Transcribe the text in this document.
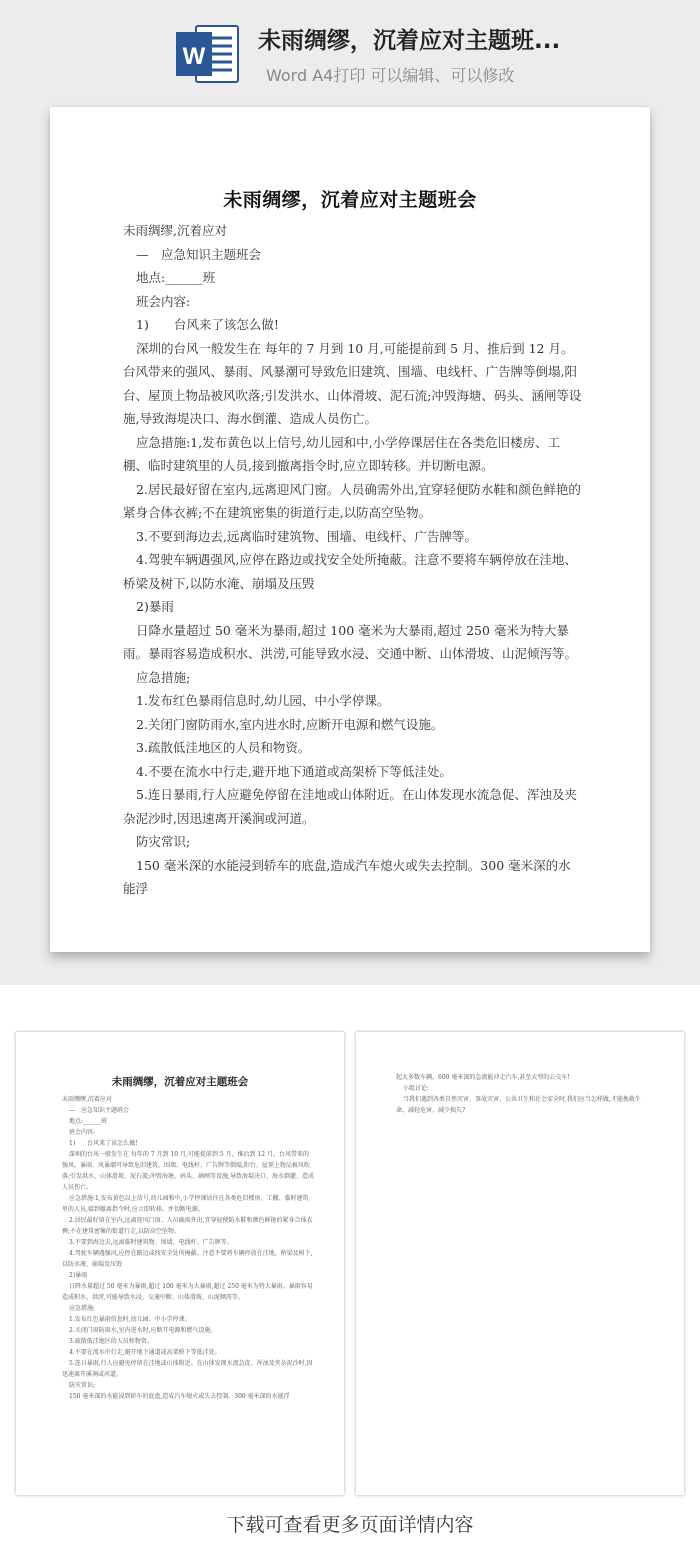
W
未雨绸缪，沉着应对主题班...
Word A4打印 可以编辑、可以修改
未雨绸缪，沉着应对主题班会

未雨绸缪,沉着应对

—　应急知识主题班会

地点:______班

班会内容:

1)　　台风来了该怎么做!

深圳的台风一般发生在 每年的 7 月到 10 月,可能提前到 5 月、推后到 12 月。台风带来的强风、暴雨、风暴潮可导致危旧建筑、围墙、电线杆、广告牌等倒塌,阳台、屋顶上物品被风吹落;引发洪水、山体滑坡、泥石流;冲毁海塘、码头、涵闸等设施,导致海堤决口、海水倒灌、造成人员伤亡。

应急措施:1,发布黄色以上信号,幼儿园和中,小学停课居住在各类危旧楼房、工棚、临时建筑里的人员,接到撤离指令时,应立即转移。并切断电源。

2.居民最好留在室内,远离迎风门窗。人员确需外出,宜穿轻便防水鞋和颜色鲜艳的紧身合体衣裤;不在建筑密集的街道行走,以防高空坠物。

3.不要到海边去,远离临时建筑物、围墙、电线杆、广告牌等。

4.驾驶车辆遇强风,应停在路边或找安全处所掩蔽。注意不要将车辆停放在洼地、桥梁及树下,以防水淹、崩塌及压毁

2)暴雨

日降水量超过 50 毫米为暴雨,超过 100 毫米为大暴雨,超过 250 毫米为特大暴雨。暴雨容易造成积水、洪涝,可能导致水浸、交通中断、山体滑坡、山泥倾泻等。

应急措施;

1.发布红色暴雨信息时,幼儿园、中小学停课。

2.关闭门窗防雨水,室内进水时,应断开电源和燃气设施。

3.疏散低洼地区的人员和物资。

4.不要在流水中行走,避开地下通道或高架桥下等低洼处。

5.连日暴雨,行人应避免停留在洼地或山体附近。在山体发现水流急促、浑浊及夹杂泥沙时,因迅速离开溪涧或河道。

防灾常识;

150 毫米深的水能浸到轿车的底盘,造成汽车熄火或失去控制。300 毫米深的水能浮

未雨绸缪，沉着应对主题班会

未雨绸缪,沉着应对

—　应急知识主题班会

地点:______班

班会内容:

1)　　台风来了该怎么做!

深圳的台风一般发生在 每年的 7 月到 10 月,可能提前到 5 月、推后到 12 月。台风带来的强风、暴雨、风暴潮可导致危旧建筑、围墙、电线杆、广告牌等倒塌,阳台、屋顶上物品被风吹落;引发洪水、山体滑坡、泥石流;冲毁海塘、码头、涵闸等设施,导致海堤决口、海水倒灌、造成人员伤亡。

应急措施:1,发布黄色以上信号,幼儿园和中,小学停课居住在各类危旧楼房、工棚、临时建筑里的人员,接到撤离指令时,应立即转移。并切断电源。

2.居民最好留在室内,远离迎风门窗。人员确需外出,宜穿轻便防水鞋和颜色鲜艳的紧身合体衣裤;不在建筑密集的街道行走,以防高空坠物。

3.不要到海边去,远离临时建筑物、围墙、电线杆、广告牌等。

4.驾驶车辆遇强风,应停在路边或找安全处所掩蔽。注意不要将车辆停放在洼地、桥梁及树下,以防水淹、崩塌及压毁

2)暴雨

日降水量超过 50 毫米为暴雨,超过 100 毫米为大暴雨,超过 250 毫米为特大暴雨。暴雨容易造成积水、洪涝,可能导致水浸、交通中断、山体滑坡、山泥倾泻等。

应急措施;

1.发布红色暴雨信息时,幼儿园、中小学停课。

2.关闭门窗防雨水,室内进水时,应断开电源和燃气设施。

3.疏散低洼地区的人员和物资。

4.不要在流水中行走,避开地下通道或高架桥下等低洼处。

5.连日暴雨,行人应避免停留在洼地或山体附近。在山体发现水流急促、浑浊及夹杂泥沙时,因迅速离开溪涧或河道。

防灾常识;

150 毫米深的水能浸到轿车的底盘,造成汽车熄火或失去控制。300 毫米深的水能浮

起大多数车辆。600 毫米深的急流能冲走汽车,甚至大型的公交车!

小组讨论:

当我们遇到各类自然灾害、事故灾害、公共卫生和社会安全时,我们应当怎样做,才能挽救生命、减轻危害、减少损失?

下载可查看更多页面详情内容
